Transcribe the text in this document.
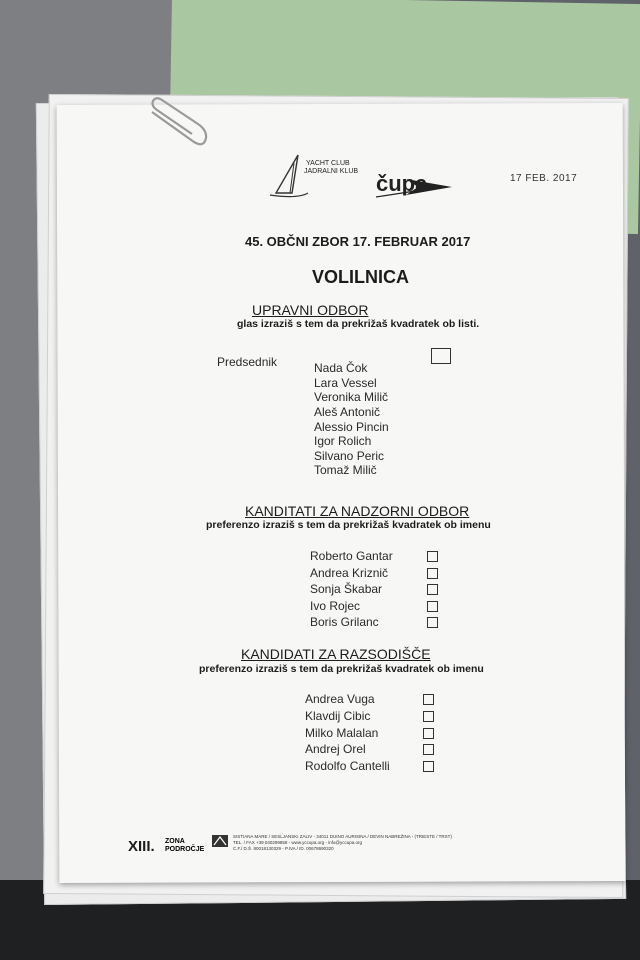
YACHT CLUB
JADRALNI KLUB čupa	17 FEB. 2017
45. OBČNI ZBOR 17. FEBRUAR 2017
VOLILNICA
UPRAVNI ODBOR
glas izraziš s tem da prekrižaš kvadratek ob listi.
Predsednik	Nada Čok
Lara Vessel
Veronika Milič
Aleš Antonič
Alessio Pincin
Igor Rolich
Silvano Peric
Tomaž Milič
KANDITATI ZA NADZORNI ODBOR
preferenzo izraziš s tem da prekrižaš kvadratek ob imenu
Roberto Gantar
Andrea Kriznič
Sonja Škabar
Ivo Rojec
Boris Grilanc
KANDIDATI ZA RAZSODIŠČE
preferenzo izraziš s tem da prekrižaš kvadratek ob imenu
Andrea Vuga
Klavdij Cibic
Milko Malalan
Andrej Orel
Rodolfo Cantelli
XIII. ZONA
PODROČJE
SISTIANA MARE / SESLJANSKI ZALIV - 34011 DUINO AURISINA / DEVIN NABREŽINA - (TRIESTE / TRST)
TEL. / FAX +39 040299858 - www.yccupa.org - info@yccupa.org
C.F./ D.Š. 80018130329 - P.IVA / ID. 00678690320
